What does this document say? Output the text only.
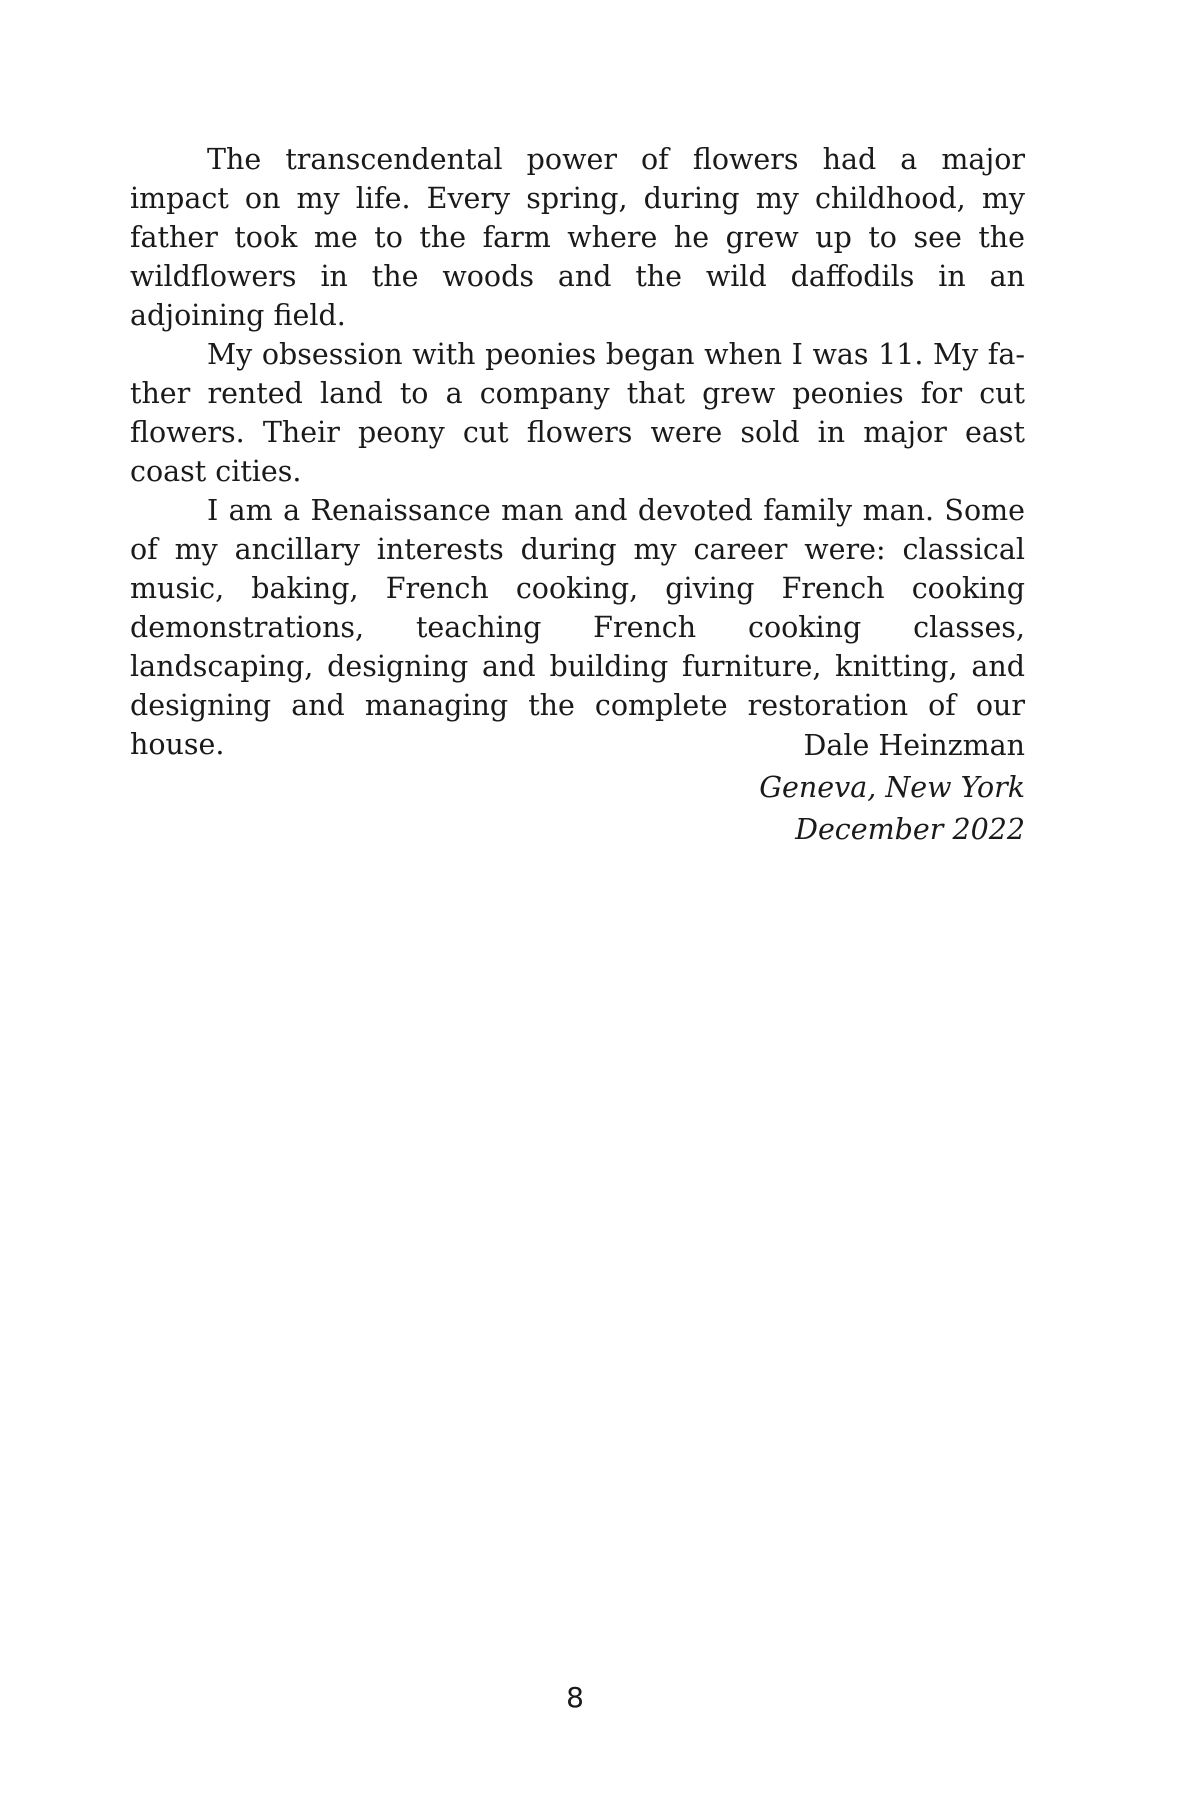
The transcendental power of flowers had a major impact on my life. Every spring, during my childhood, my father took me to the farm where he grew up to see the wildflowers in the woods and the wild daffodils in an adjoining field.

My obsession with peonies began when I was 11. My father rented land to a company that grew peonies for cut flowers. Their peony cut flowers were sold in major east coast cities.

I am a Renaissance man and devoted family man. Some of my ancillary interests during my career were: classical music, baking, French cooking, giving French cooking demonstrations, teaching French cooking classes, landscaping, designing and building furniture, knitting, and designing and managing the complete restoration of our house.	Dale Heinzman
Geneva, New York
December 2022
8
